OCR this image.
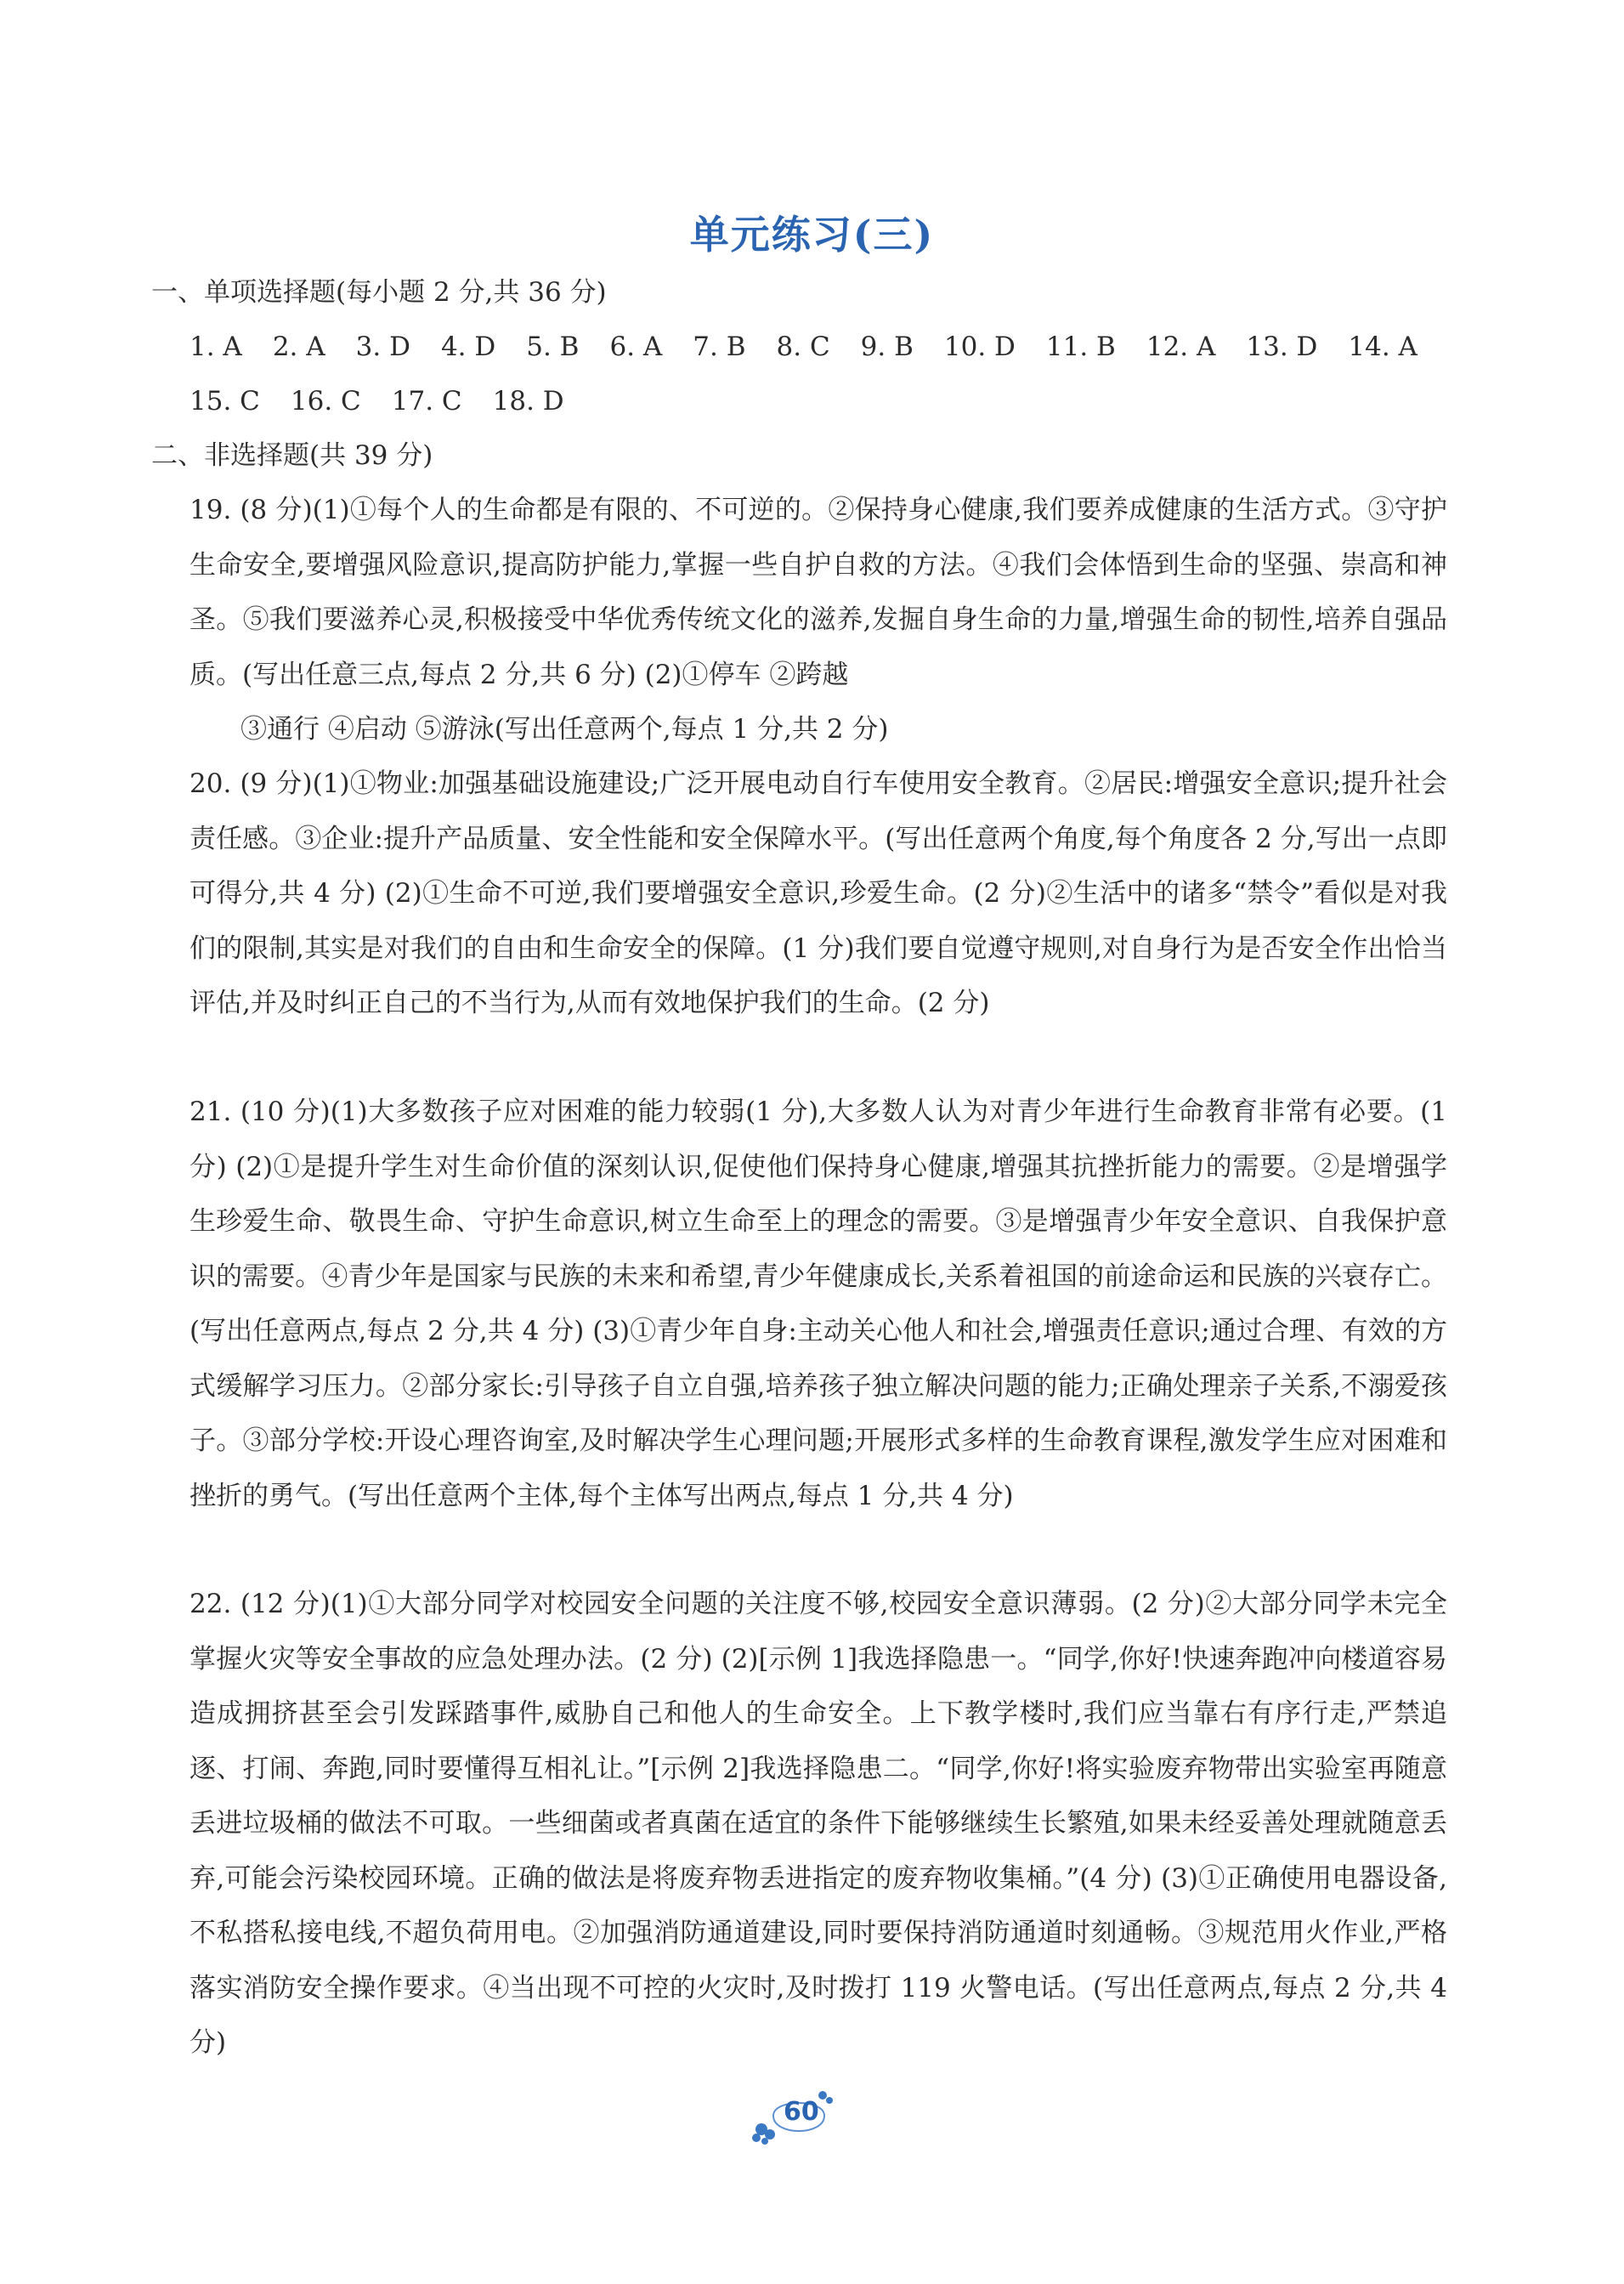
单元练习(三)
一、单项选择题(每小题 2 分,共 36 分)
1. A 2. A 3. D 4. D 5. B 6. A 7. B 8. C 9. B 10. D 11. B 12. A 13. D 14. A15. C 16. C 17. C 18. D
二、非选择题(共 39 分)
19. (8 分)(1)①每个人的生命都是有限的、不可逆的。②保持身心健康,我们要养成健康的生活方式。③守护生命安全,要增强风险意识,提高防护能力,掌握一些自护自救的方法。④我们会体悟到生命的坚强、崇高和神圣。⑤我们要滋养心灵,积极接受中华优秀传统文化的滋养,发掘自身生命的力量,增强生命的韧性,培养自强品质。(写出任意三点,每点 2 分,共 6 分) (2)①停车 ②跨越
③通行 ④启动 ⑤游泳(写出任意两个,每点 1 分,共 2 分)
20. (9 分)(1)①物业:加强基础设施建设;广泛开展电动自行车使用安全教育。②居民:增强安全意识;提升社会责任感。③企业:提升产品质量、安全性能和安全保障水平。(写出任意两个角度,每个角度各 2 分,写出一点即可得分,共 4 分) (2)①生命不可逆,我们要增强安全意识,珍爱生命。(2 分)②生活中的诸多“禁令”看似是对我们的限制,其实是对我们的自由和生命安全的保障。(1 分)我们要自觉遵守规则,对自身行为是否安全作出恰当评估,并及时纠正自己的不当行为,从而有效地保护我们的生命。(2 分)
21. (10 分)(1)大多数孩子应对困难的能力较弱(1 分),大多数人认为对青少年进行生命教育非常有必要。(1 分) (2)①是提升学生对生命价值的深刻认识,促使他们保持身心健康,增强其抗挫折能力的需要。②是增强学生珍爱生命、敬畏生命、守护生命意识,树立生命至上的理念的需要。③是增强青少年安全意识、自我保护意识的需要。④青少年是国家与民族的未来和希望,青少年健康成长,关系着祖国的前途命运和民族的兴衰存亡。(写出任意两点,每点 2 分,共 4 分) (3)①青少年自身:主动关心他人和社会,增强责任意识;通过合理、有效的方式缓解学习压力。②部分家长:引导孩子自立自强,培养孩子独立解决问题的能力;正确处理亲子关系,不溺爱孩子。③部分学校:开设心理咨询室,及时解决学生心理问题;开展形式多样的生命教育课程,激发学生应对困难和挫折的勇气。(写出任意两个主体,每个主体写出两点,每点 1 分,共 4 分)
22. (12 分)(1)①大部分同学对校园安全问题的关注度不够,校园安全意识薄弱。(2 分)②大部分同学未完全掌握火灾等安全事故的应急处理办法。(2 分) (2)[示例 1]我选择隐患一。“同学,你好!快速奔跑冲向楼道容易造成拥挤甚至会引发踩踏事件,威胁自己和他人的生命安全。上下教学楼时,我们应当靠右有序行走,严禁追逐、打闹、奔跑,同时要懂得互相礼让。”[示例 2]我选择隐患二。“同学,你好!将实验废弃物带出实验室再随意丢进垃圾桶的做法不可取。一些细菌或者真菌在适宜的条件下能够继续生长繁殖,如果未经妥善处理就随意丢弃,可能会污染校园环境。正确的做法是将废弃物丢进指定的废弃物收集桶。”(4 分) (3)①正确使用电器设备,不私搭私接电线,不超负荷用电。②加强消防通道建设,同时要保持消防通道时刻通畅。③规范用火作业,严格落实消防安全操作要求。④当出现不可控的火灾时,及时拨打 119 火警电话。(写出任意两点,每点 2 分,共 4 分)
60
